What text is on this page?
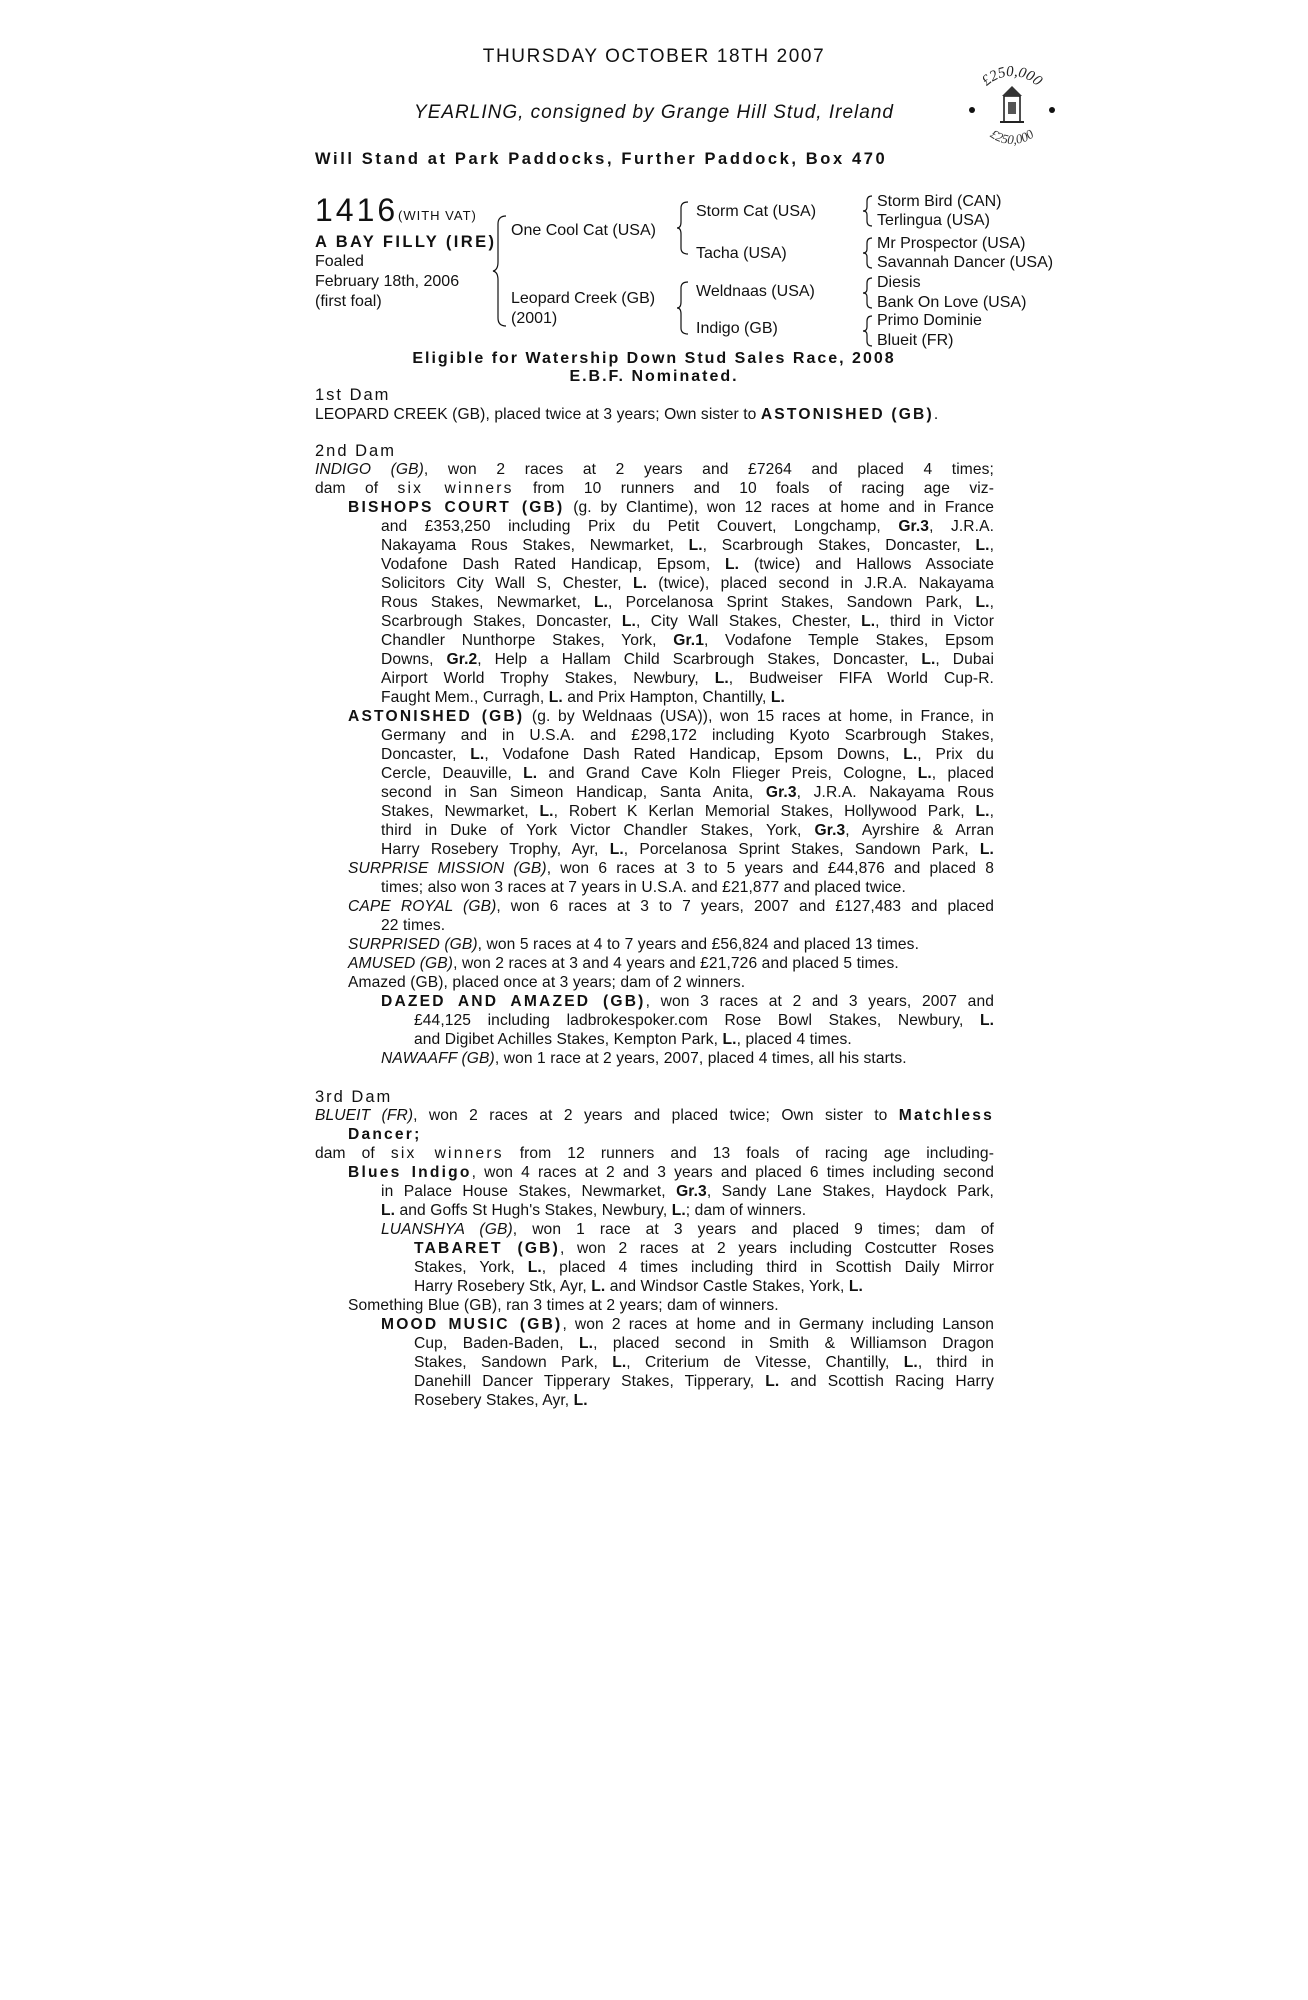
THURSDAY OCTOBER 18TH 2007
YEARLING, consigned by Grange Hill Stud, Ireland
Will Stand at Park Paddocks, Further Paddock, Box 470
£250,000
£250,000
1416 (WITH VAT)
A BAY FILLY (IRE)
Foaled
February 18th, 2006
(first foal)
One Cool Cat (USA)
Leopard Creek (GB)
(2001)
Storm Cat (USA)
Tacha (USA)
Weldnaas (USA)
Indigo (GB)
Storm Bird (CAN)
Terlingua (USA)
Mr Prospector (USA)
Savannah Dancer (USA)
Diesis
Bank On Love (USA)
Primo Dominie
Blueit (FR)
Eligible for Watership Down Stud Sales Race, 2008
E.B.F. Nominated.
1st Dam
LEOPARD CREEK (GB), placed twice at 3 years; Own sister to ASTONISHED (GB).
2nd Dam
INDIGO (GB), won 2 races at 2 years and £7264 and placed 4 times;
dam of six winners from 10 runners and 10 foals of racing age viz-
BISHOPS COURT (GB) (g. by Clantime), won 12 races at home and in France
and £353,250 including Prix du Petit Couvert, Longchamp, Gr.3, J.R.A.
Nakayama Rous Stakes, Newmarket, L., Scarbrough Stakes, Doncaster, L.,
Vodafone Dash Rated Handicap, Epsom, L. (twice) and Hallows Associate
Solicitors City Wall S, Chester, L. (twice), placed second in J.R.A. Nakayama
Rous Stakes, Newmarket, L., Porcelanosa Sprint Stakes, Sandown Park, L.,
Scarbrough Stakes, Doncaster, L., City Wall Stakes, Chester, L., third in Victor
Chandler Nunthorpe Stakes, York, Gr.1, Vodafone Temple Stakes, Epsom
Downs, Gr.2, Help a Hallam Child Scarbrough Stakes, Doncaster, L., Dubai
Airport World Trophy Stakes, Newbury, L., Budweiser FIFA World Cup-R.
Faught Mem., Curragh, L. and Prix Hampton, Chantilly, L.
ASTONISHED (GB) (g. by Weldnaas (USA)), won 15 races at home, in France, in
Germany and in U.S.A. and £298,172 including Kyoto Scarbrough Stakes,
Doncaster, L., Vodafone Dash Rated Handicap, Epsom Downs, L., Prix du
Cercle, Deauville, L. and Grand Cave Koln Flieger Preis, Cologne, L., placed
second in San Simeon Handicap, Santa Anita, Gr.3, J.R.A. Nakayama Rous
Stakes, Newmarket, L., Robert K Kerlan Memorial Stakes, Hollywood Park, L.,
third in Duke of York Victor Chandler Stakes, York, Gr.3, Ayrshire & Arran
Harry Rosebery Trophy, Ayr, L., Porcelanosa Sprint Stakes, Sandown Park, L.
SURPRISE MISSION (GB), won 6 races at 3 to 5 years and £44,876 and placed 8
times; also won 3 races at 7 years in U.S.A. and £21,877 and placed twice.
CAPE ROYAL (GB), won 6 races at 3 to 7 years, 2007 and £127,483 and placed
22 times.
SURPRISED (GB), won 5 races at 4 to 7 years and £56,824 and placed 13 times.
AMUSED (GB), won 2 races at 3 and 4 years and £21,726 and placed 5 times.
Amazed (GB), placed once at 3 years; dam of 2 winners.
DAZED AND AMAZED (GB), won 3 races at 2 and 3 years, 2007 and
£44,125 including ladbrokespoker.com Rose Bowl Stakes, Newbury, L.
and Digibet Achilles Stakes, Kempton Park, L., placed 4 times.
NAWAAFF (GB), won 1 race at 2 years, 2007, placed 4 times, all his starts.
3rd Dam
BLUEIT (FR), won 2 races at 2 years and placed twice; Own sister to Matchless
Dancer;
dam of six winners from 12 runners and 13 foals of racing age including-
Blues Indigo, won 4 races at 2 and 3 years and placed 6 times including second
in Palace House Stakes, Newmarket, Gr.3, Sandy Lane Stakes, Haydock Park,
L. and Goffs St Hugh's Stakes, Newbury, L.; dam of winners.
LUANSHYA (GB), won 1 race at 3 years and placed 9 times; dam of
TABARET (GB), won 2 races at 2 years including Costcutter Roses
Stakes, York, L., placed 4 times including third in Scottish Daily Mirror
Harry Rosebery Stk, Ayr, L. and Windsor Castle Stakes, York, L.
Something Blue (GB), ran 3 times at 2 years; dam of winners.
MOOD MUSIC (GB), won 2 races at home and in Germany including Lanson
Cup, Baden-Baden, L., placed second in Smith & Williamson Dragon
Stakes, Sandown Park, L., Criterium de Vitesse, Chantilly, L., third in
Danehill Dancer Tipperary Stakes, Tipperary, L. and Scottish Racing Harry
Rosebery Stakes, Ayr, L.
